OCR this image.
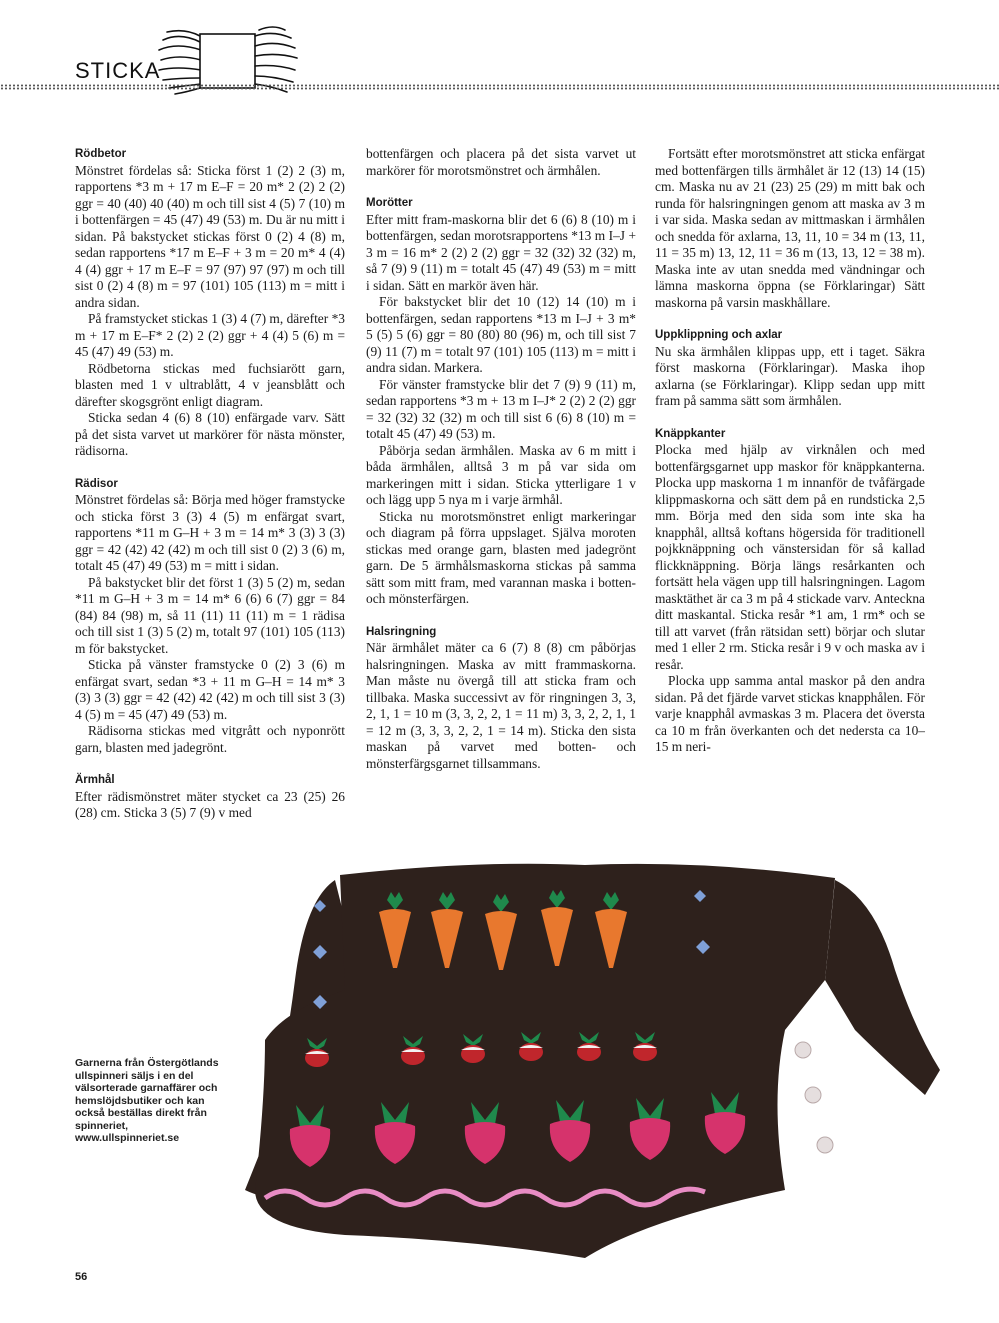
STICKA
Rödbetor

Mönstret fördelas så: Sticka först 1 (2) 2 (3) m, rapportens *3 m + 17 m E–F = 20 m* 2 (2) 2 (2) ggr = 40 (40) 40 (40) m och till sist 4 (5) 7 (10) m i bottenfärgen = 45 (47) 49 (53) m. Du är nu mitt i sidan. På bakstycket stickas först 0 (2) 4 (8) m, sedan rapportens *17 m E–F + 3 m = 20 m* 4 (4) 4 (4) ggr + 17 m E–F = 97 (97) 97 (97) m och till sist 0 (2) 4 (8) m = 97 (101) 105 (113) m = mitt i andra sidan.

På framstycket stickas 1 (3) 4 (7) m, därefter *3 m + 17 m E–F* 2 (2) 2 (2) ggr + 4 (4) 5 (6) m = 45 (47) 49 (53) m.

Rödbetorna stickas med fuchsiarött garn, blasten med 1 v ultrablått, 4 v jeansblått och därefter skogsgrönt enligt diagram.

Sticka sedan 4 (6) 8 (10) enfärgade varv. Sätt på det sista varvet ut markörer för nästa mönster, rädisorna.

Rädisor

Mönstret fördelas så: Börja med höger framstycke och sticka först 3 (3) 4 (5) m enfärgat svart, rapportens *11 m G–H + 3 m = 14 m* 3 (3) 3 (3) ggr = 42 (42) 42 (42) m och till sist 0 (2) 3 (6) m, totalt 45 (47) 49 (53) m = mitt i sidan.

På bakstycket blir det först 1 (3) 5 (2) m, sedan *11 m G–H + 3 m = 14 m* 6 (6) 6 (7) ggr = 84 (84) 84 (98) m, så 11 (11) 11 (11) m = 1 rädisa och till sist 1 (3) 5 (2) m, totalt 97 (101) 105 (113) m för bakstycket.

Sticka på vänster framstycke 0 (2) 3 (6) m enfärgat svart, sedan *3 + 11 m G–H = 14 m* 3 (3) 3 (3) ggr = 42 (42) 42 (42) m och till sist 3 (3) 4 (5) m = 45 (47) 49 (53) m.

Rädisorna stickas med vitgrått och nyponrött garn, blasten med jadegrönt.

Ärmhål

Efter rädismönstret mäter stycket ca 23 (25) 26 (28) cm. Sticka 3 (5) 7 (9) v med

bottenfärgen och placera på det sista varvet ut markörer för morotsmönstret och ärmhålen.

Morötter

Efter mitt fram-maskorna blir det 6 (6) 8 (10) m i bottenfärgen, sedan morotsrapportens *13 m I–J + 3 m = 16 m* 2 (2) 2 (2) ggr = 32 (32) 32 (32) m, så 7 (9) 9 (11) m = totalt 45 (47) 49 (53) m = mitt i sidan. Sätt en markör även här.

För bakstycket blir det 10 (12) 14 (10) m i bottenfärgen, sedan rapportens *13 m I–J + 3 m* 5 (5) 5 (6) ggr = 80 (80) 80 (96) m, och till sist 7 (9) 11 (7) m = totalt 97 (101) 105 (113) m = mitt i andra sidan. Markera.

För vänster framstycke blir det 7 (9) 9 (11) m, sedan rapportens *3 m + 13 m I–J* 2 (2) 2 (2) ggr = 32 (32) 32 (32) m och till sist 6 (6) 8 (10) m = totalt 45 (47) 49 (53) m.

Påbörja sedan ärmhålen. Maska av 6 m mitt i båda ärmhålen, alltså 3 m på var sida om markeringen mitt i sidan. Sticka ytterligare 1 v och lägg upp 5 nya m i varje ärmhål.

Sticka nu morotsmönstret enligt markeringar och diagram på förra uppslaget. Själva moroten stickas med orange garn, blasten med jadegrönt garn. De 5 ärmhålsmaskorna stickas på samma sätt som mitt fram, med varannan maska i botten- och mönsterfärgen.

Halsringning

När ärmhålet mäter ca 6 (7) 8 (8) cm påbörjas halsringningen. Maska av mitt frammaskorna. Man måste nu övergå till att sticka fram och tillbaka. Maska successivt av för ringningen 3, 3, 2, 1, 1 = 10 m (3, 3, 2, 2, 1 = 11 m) 3, 3, 2, 2, 1, 1 = 12 m (3, 3, 3, 2, 2, 1 = 14 m). Sticka den sista maskan på varvet med botten- och mönsterfärgsgarnet tillsammans.

Fortsätt efter morotsmönstret att sticka enfärgat med bottenfärgen tills ärmhålet är 12 (13) 14 (15) cm. Maska nu av 21 (23) 25 (29) m mitt bak och runda för halsringningen genom att maska av 3 m i var sida. Maska sedan av mittmaskan i ärmhålen och snedda för axlarna, 13, 11, 10 = 34 m (13, 11, 11 = 35 m) 13, 12, 11 = 36 m (13, 13, 12 = 38 m). Maska inte av utan snedda med vändningar och lämna maskorna öppna (se Förklaringar) Sätt maskorna på varsin maskhållare.

Uppklippning och axlar

Nu ska ärmhålen klippas upp, ett i taget. Säkra först maskorna (Förklaringar). Maska ihop axlarna (se Förklaringar). Klipp sedan upp mitt fram på samma sätt som ärmhålen.

Knäppkanter

Plocka med hjälp av virknålen och med bottenfärgsgarnet upp maskor för knäppkanterna. Plocka upp maskorna 1 m innanför de tvåfärgade klippmaskorna och sätt dem på en rundsticka 2,5 mm. Börja med den sida som inte ska ha knapphål, alltså koftans högersida för traditionell pojkknäppning och vänstersidan för så kallad flickknäppning. Börja längs resårkanten och fortsätt hela vägen upp till halsringningen. Lagom masktäthet är ca 3 m på 4 stickade varv. Anteckna ditt maskantal. Sticka resår *1 am, 1 rm* och se till att varvet (från rätsidan sett) börjar och slutar med 1 eller 2 rm. Sticka resår i 9 v och maska av i resår.

Plocka upp samma antal maskor på den andra sidan. På det fjärde varvet stickas knapphålen. För varje knapphål avmaskas 3 m. Placera det översta ca 10 m från överkanten och det nedersta ca 10–15 m neri-

Garnerna från Östergötlands ullspinneri säljs i en del välsorterade garnaffärer och hemslöjdsbutiker och kan också beställas direkt från spinneriet, www.ullspinneriet.se
56
